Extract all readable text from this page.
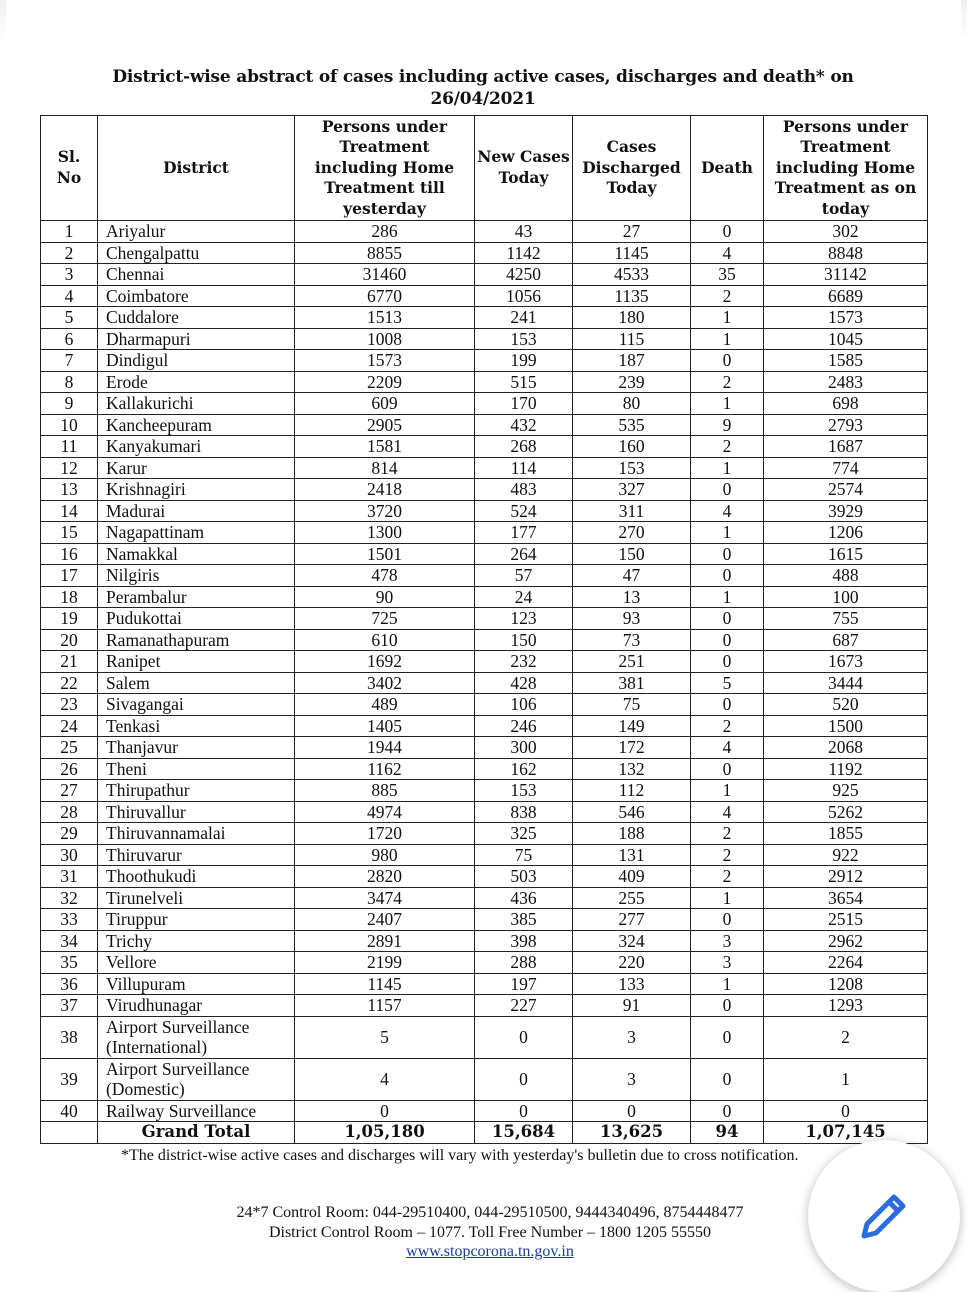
District-wise abstract of cases including active cases, discharges and death* on
26/04/2021
Sl. No	District	Persons under Treatment including Home Treatment till yesterday	New Cases Today	Cases Discharged Today	Death	Persons under Treatment including Home Treatment as on today
1	Ariyalur	286	43	27	0	302
2	Chengalpattu	8855	1142	1145	4	8848
3	Chennai	31460	4250	4533	35	31142
4	Coimbatore	6770	1056	1135	2	6689
5	Cuddalore	1513	241	180	1	1573
6	Dharmapuri	1008	153	115	1	1045
7	Dindigul	1573	199	187	0	1585
8	Erode	2209	515	239	2	2483
9	Kallakurichi	609	170	80	1	698
10	Kancheepuram	2905	432	535	9	2793
11	Kanyakumari	1581	268	160	2	1687
12	Karur	814	114	153	1	774
13	Krishnagiri	2418	483	327	0	2574
14	Madurai	3720	524	311	4	3929
15	Nagapattinam	1300	177	270	1	1206
16	Namakkal	1501	264	150	0	1615
17	Nilgiris	478	57	47	0	488
18	Perambalur	90	24	13	1	100
19	Pudukottai	725	123	93	0	755
20	Ramanathapuram	610	150	73	0	687
21	Ranipet	1692	232	251	0	1673
22	Salem	3402	428	381	5	3444
23	Sivagangai	489	106	75	0	520
24	Tenkasi	1405	246	149	2	1500
25	Thanjavur	1944	300	172	4	2068
26	Theni	1162	162	132	0	1192
27	Thirupathur	885	153	112	1	925
28	Thiruvallur	4974	838	546	4	5262
29	Thiruvannamalai	1720	325	188	2	1855
30	Thiruvarur	980	75	131	2	922
31	Thoothukudi	2820	503	409	2	2912
32	Tirunelveli	3474	436	255	1	3654
33	Tiruppur	2407	385	277	0	2515
34	Trichy	2891	398	324	3	2962
35	Vellore	2199	288	220	3	2264
36	Villupuram	1145	197	133	1	1208
37	Virudhunagar	1157	227	91	0	1293
38	Airport Surveillance (International)	5	0	3	0	2
39	Airport Surveillance (Domestic)	4	0	3	0	1
40	Railway Surveillance	0	0	0	0	0
	Grand Total	1,05,180	15,684	13,625	94	1,07,145
*The district-wise active cases and discharges will vary with yesterday's bulletin due to cross notification.
24*7 Control Room: 044-29510400, 044-29510500, 9444340496, 8754448477
District Control Room – 1077. Toll Free Number – 1800 1205 55550
www.stopcorona.tn.gov.in
